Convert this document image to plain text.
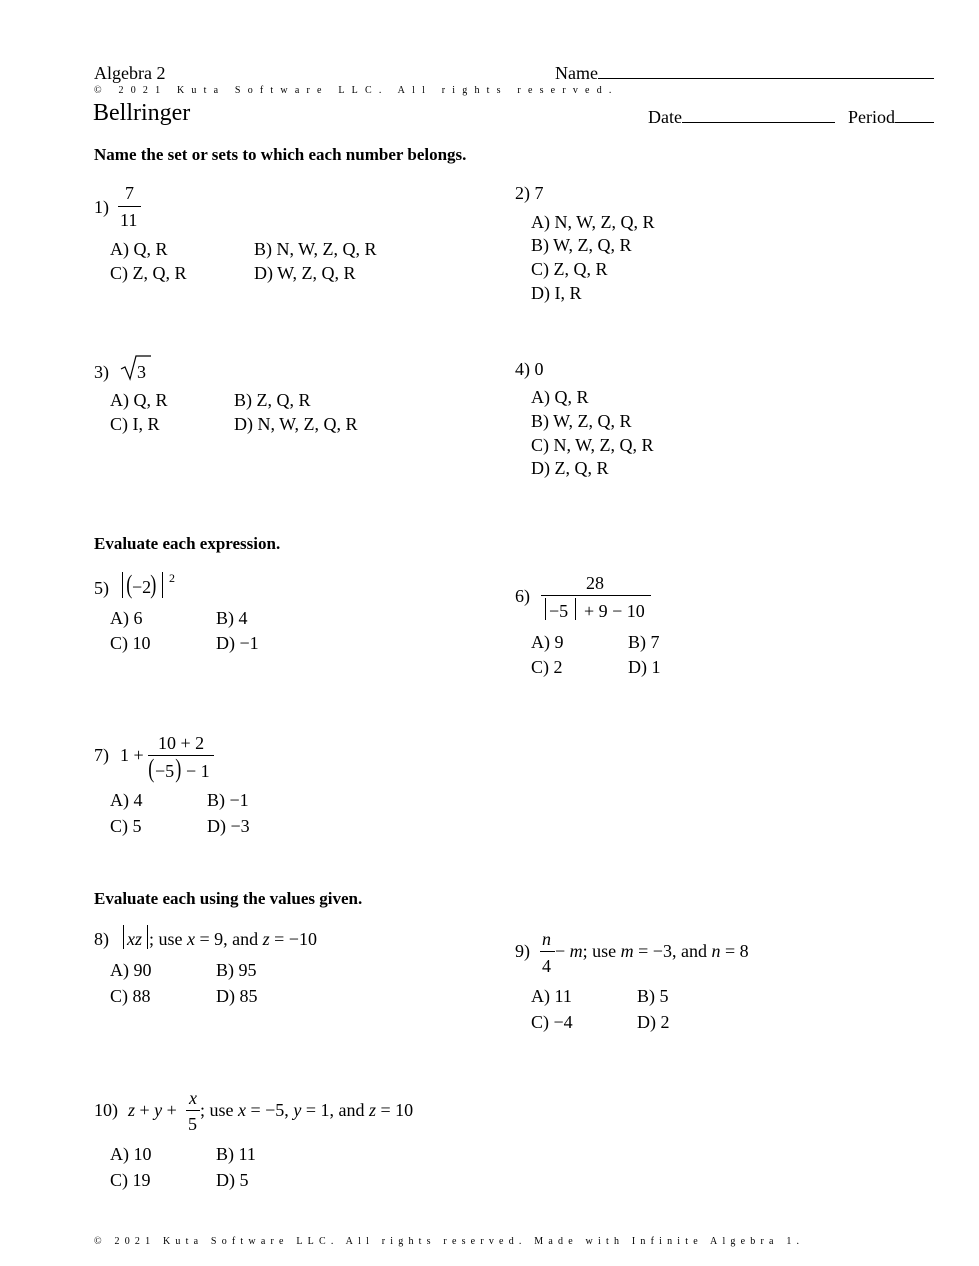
Algebra 2	Name
© 2021 Kuta Software LLC. All rights reserved.
Bellringer	Date	Period
Name the set or sets to which each number belongs.
1)
7
11
A) Q, R	B) N, W, Z, Q, R
C) Z, Q, R	D) W, Z, Q, R
2) 7
A) N, W, Z, Q, R
B) W, Z, Q, R
C) Z, Q, R
D) I, R
3) 3
A) Q, R	B) Z, Q, R
C) I, R	D) N, W, Z, Q, R
4) 0
A) Q, R
B) W, Z, Q, R
C) N, W, Z, Q, R
D) Z, Q, R
Evaluate each expression.
5) ( −2 ) 2
A) 6	B) 4
C) 10	D) −1
6)
28
−5 + 9 − 10
A) 9	B) 7
C) 2	D) 1
7) 1 +
10 + 2
( −5 ) − 1
A) 4	B) −1
C) 5	D) −3
Evaluate each using the values given.
8) xz ; use x = 9, and z = −10
A) 90	B) 95
C) 88	D) 85
9)
n
4
− m; use m = −3, and n = 8
A) 11	B) 5
C) −4	D) 2
10) z + y +
x
5
; use x = −5, y = 1, and z = 10
A) 10	B) 11
C) 19	D) 5
© 2021 Kuta Software LLC. All rights reserved. Made with Infinite Algebra 1.
